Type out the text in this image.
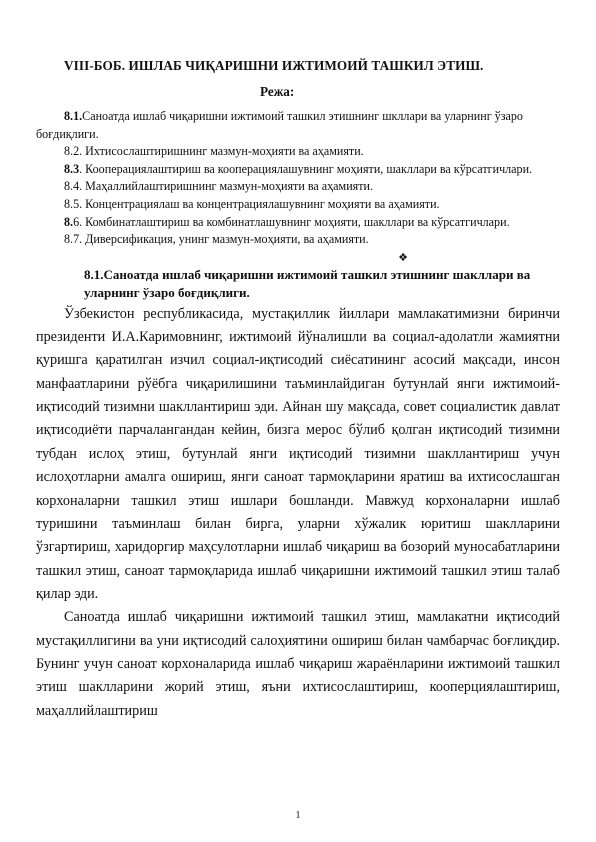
VIII-БОБ. ИШЛАБ ЧИҚАРИШНИ ИЖТИМОИЙ ТАШКИЛ ЭТИШ.
Режа:
8.1.Саноатда ишлаб чиқаришни ижтимоий ташкил этишнинг шкллари ва уларнинг ўзаро боғдиқлиги.
8.2. Ихтисослаштиришнинг мазмун-моҳияти ва аҳамияти.
8.3. Кооперациялаштириш ва кооперациялашувнинг моҳияти, шакллари ва кўрсатгичлари.
8.4. Маҳаллийлаштиришнинг мазмун-моҳияти ва аҳамияти.
8.5. Концентрациялаш ва концентрациялашувнинг моҳияти ва аҳамияти.
8.6. Комбинатлаштириш ва комбинатлашувнинг моҳияти, шакллари ва кўрсатгичлари.
8.7. Диверсификация, унинг мазмун-моҳияти, ва аҳамияти.
❖
8.1.Саноатда ишлаб чиқаришни ижтимоий ташкил этишнинг шакллари ва уларнинг ўзаро боғдиқлиги.

Ўзбекистон республикасида, мустақиллик йиллари мамлакатимизни биринчи президенти И.А.Каримовнинг, ижтимоий йўналишли ва социал-адолатли жамиятни қуришга қаратилган изчил социал-иқтисодий сиёсатининг асосий мақсади, инсон манфаатларини рўёбга чиқарилишини таъминлайдиган бутунлай янги ижтимоий-иқтисодий тизимни шакллантириш эди. Айнан шу мақсада, совет социалистик давлат иқтисодиёти парчалангандан кейин, бизга мерос бўлиб қолган иқтисодий тизимни тубдан ислоҳ этиш, бутунлай янги иқтисодий тизимни шакллантириш учун ислоҳотларни амалга ошириш, янги саноат тармоқларини яратиш ва ихтисослашган корхоналарни ташкил этиш ишлари бошланди. Мавжуд корхоналарни ишлаб туришини таъминлаш билан бирга, уларни хўжалик юритиш шаклларини ўзгартириш, харидоргир маҳсулотларни ишлаб чиқариш ва бозорий муносабатларини ташкил этиш, саноат тармоқларида ишлаб чиқаришни ижтимоий ташкил этиш талаб қилар эди.

Саноатда ишлаб чиқаришни ижтимоий ташкил этиш, мамлакатни иқтисодий мустақиллигини ва уни иқтисодий салоҳиятини ошириш билан чамбарчас боғлиқдир. Бунинг учун саноат корхоналарида ишлаб чиқариш жараёнларини ижтимоий ташкил этиш шаклларини жорий этиш, яъни ихтисослаштириш, кооперциялаштириш, маҳаллийлаштириш

1
